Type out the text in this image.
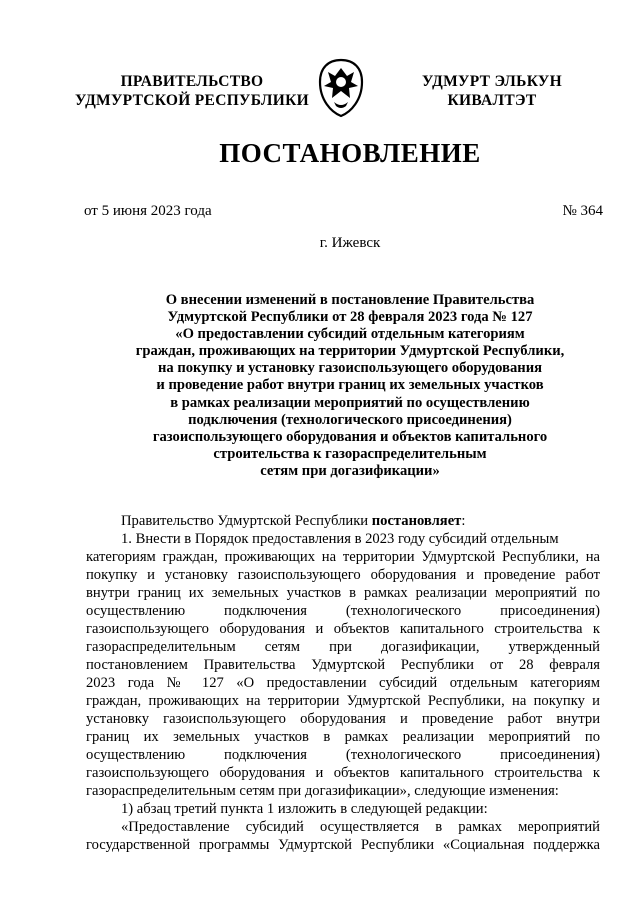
ПРАВИТЕЛЬСТВО
УДМУРТСКОЙ РЕСПУБЛИКИ
УДМУРТ ЭЛЬКУН
КИВАЛТЭТ
ПОСТАНОВЛЕНИЕ
от 5 июня 2023 года	№ 364
г. Ижевск
О внесении изменений в постановление Правительства
Удмуртской Республики от 28 февраля 2023 года № 127
«О предоставлении субсидий отдельным категориям
граждан, проживающих на территории Удмуртской Республики,
на покупку и установку газоиспользующего оборудования
и проведение работ внутри границ их земельных участков
в рамках реализации мероприятий по осуществлению
подключения (технологического присоединения)
газоиспользующего оборудования и объектов капитального
строительства к газораспределительным
сетям при догазификации»
Правительство Удмуртской Республики постановляет:
1. Внести в Порядок предоставления в 2023 году субсидий отдельным
категориям граждан, проживающих на территории Удмуртской Республики, на
покупку и установку газоиспользующего оборудования и проведение работ
внутри границ их земельных участков в рамках реализации мероприятий по
осуществлению подключения (технологического присоединения)
газоиспользующего оборудования и объектов капитального строительства к
газораспределительным сетям при догазификации, утвержденный
постановлением Правительства Удмуртской Республики от 28 февраля
2023 года № 127 «О предоставлении субсидий отдельным категориям
граждан, проживающих на территории Удмуртской Республики, на покупку и
установку газоиспользующего оборудования и проведение работ внутри
границ их земельных участков в рамках реализации мероприятий по
осуществлению подключения (технологического присоединения)
газоиспользующего оборудования и объектов капитального строительства к
газораспределительным сетям при догазификации», следующие изменения:
1) абзац третий пункта 1 изложить в следующей редакции:
«Предоставление субсидий осуществляется в рамках мероприятий
государственной программы Удмуртской Республики «Социальная поддержка
